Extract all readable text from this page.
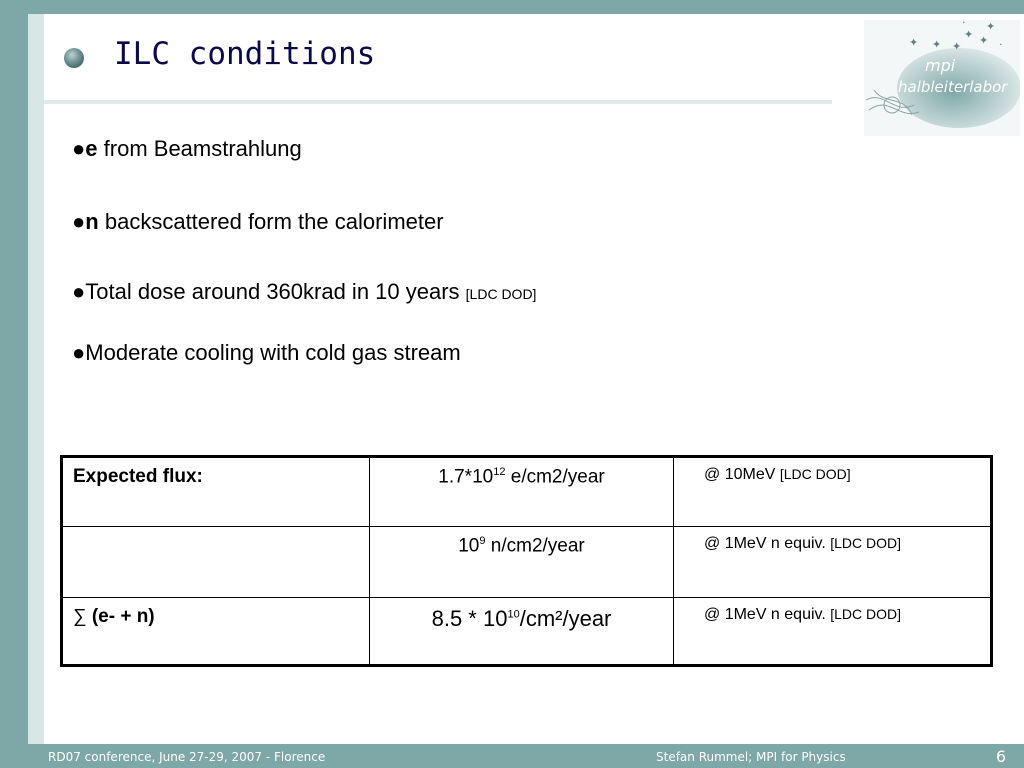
ILC conditions	✦ ✦ ✦
✦ ✦
✦
·
·
mpi
halbleiterlabor

●e from Beamstrahlung

●n backscattered form the calorimeter

●Total dose around 360krad in 10 years [LDC DOD]

●Moderate cooling with cold gas stream

Expected flux:	$1.7*10^{12}$ e/cm2/year	@ 10MeV [LDC DOD]
	$10^9$ n/cm2/year	@ 1MeV n equiv. [LDC DOD]
∑ (e- + n)	$8.5 * 10^{10}/cm^2$/year	@ 1MeV n equiv. [LDC DOD]
RD07 conference, June 27-29, 2007 - Florence	Stefan Rummel; MPI for Physics	6
